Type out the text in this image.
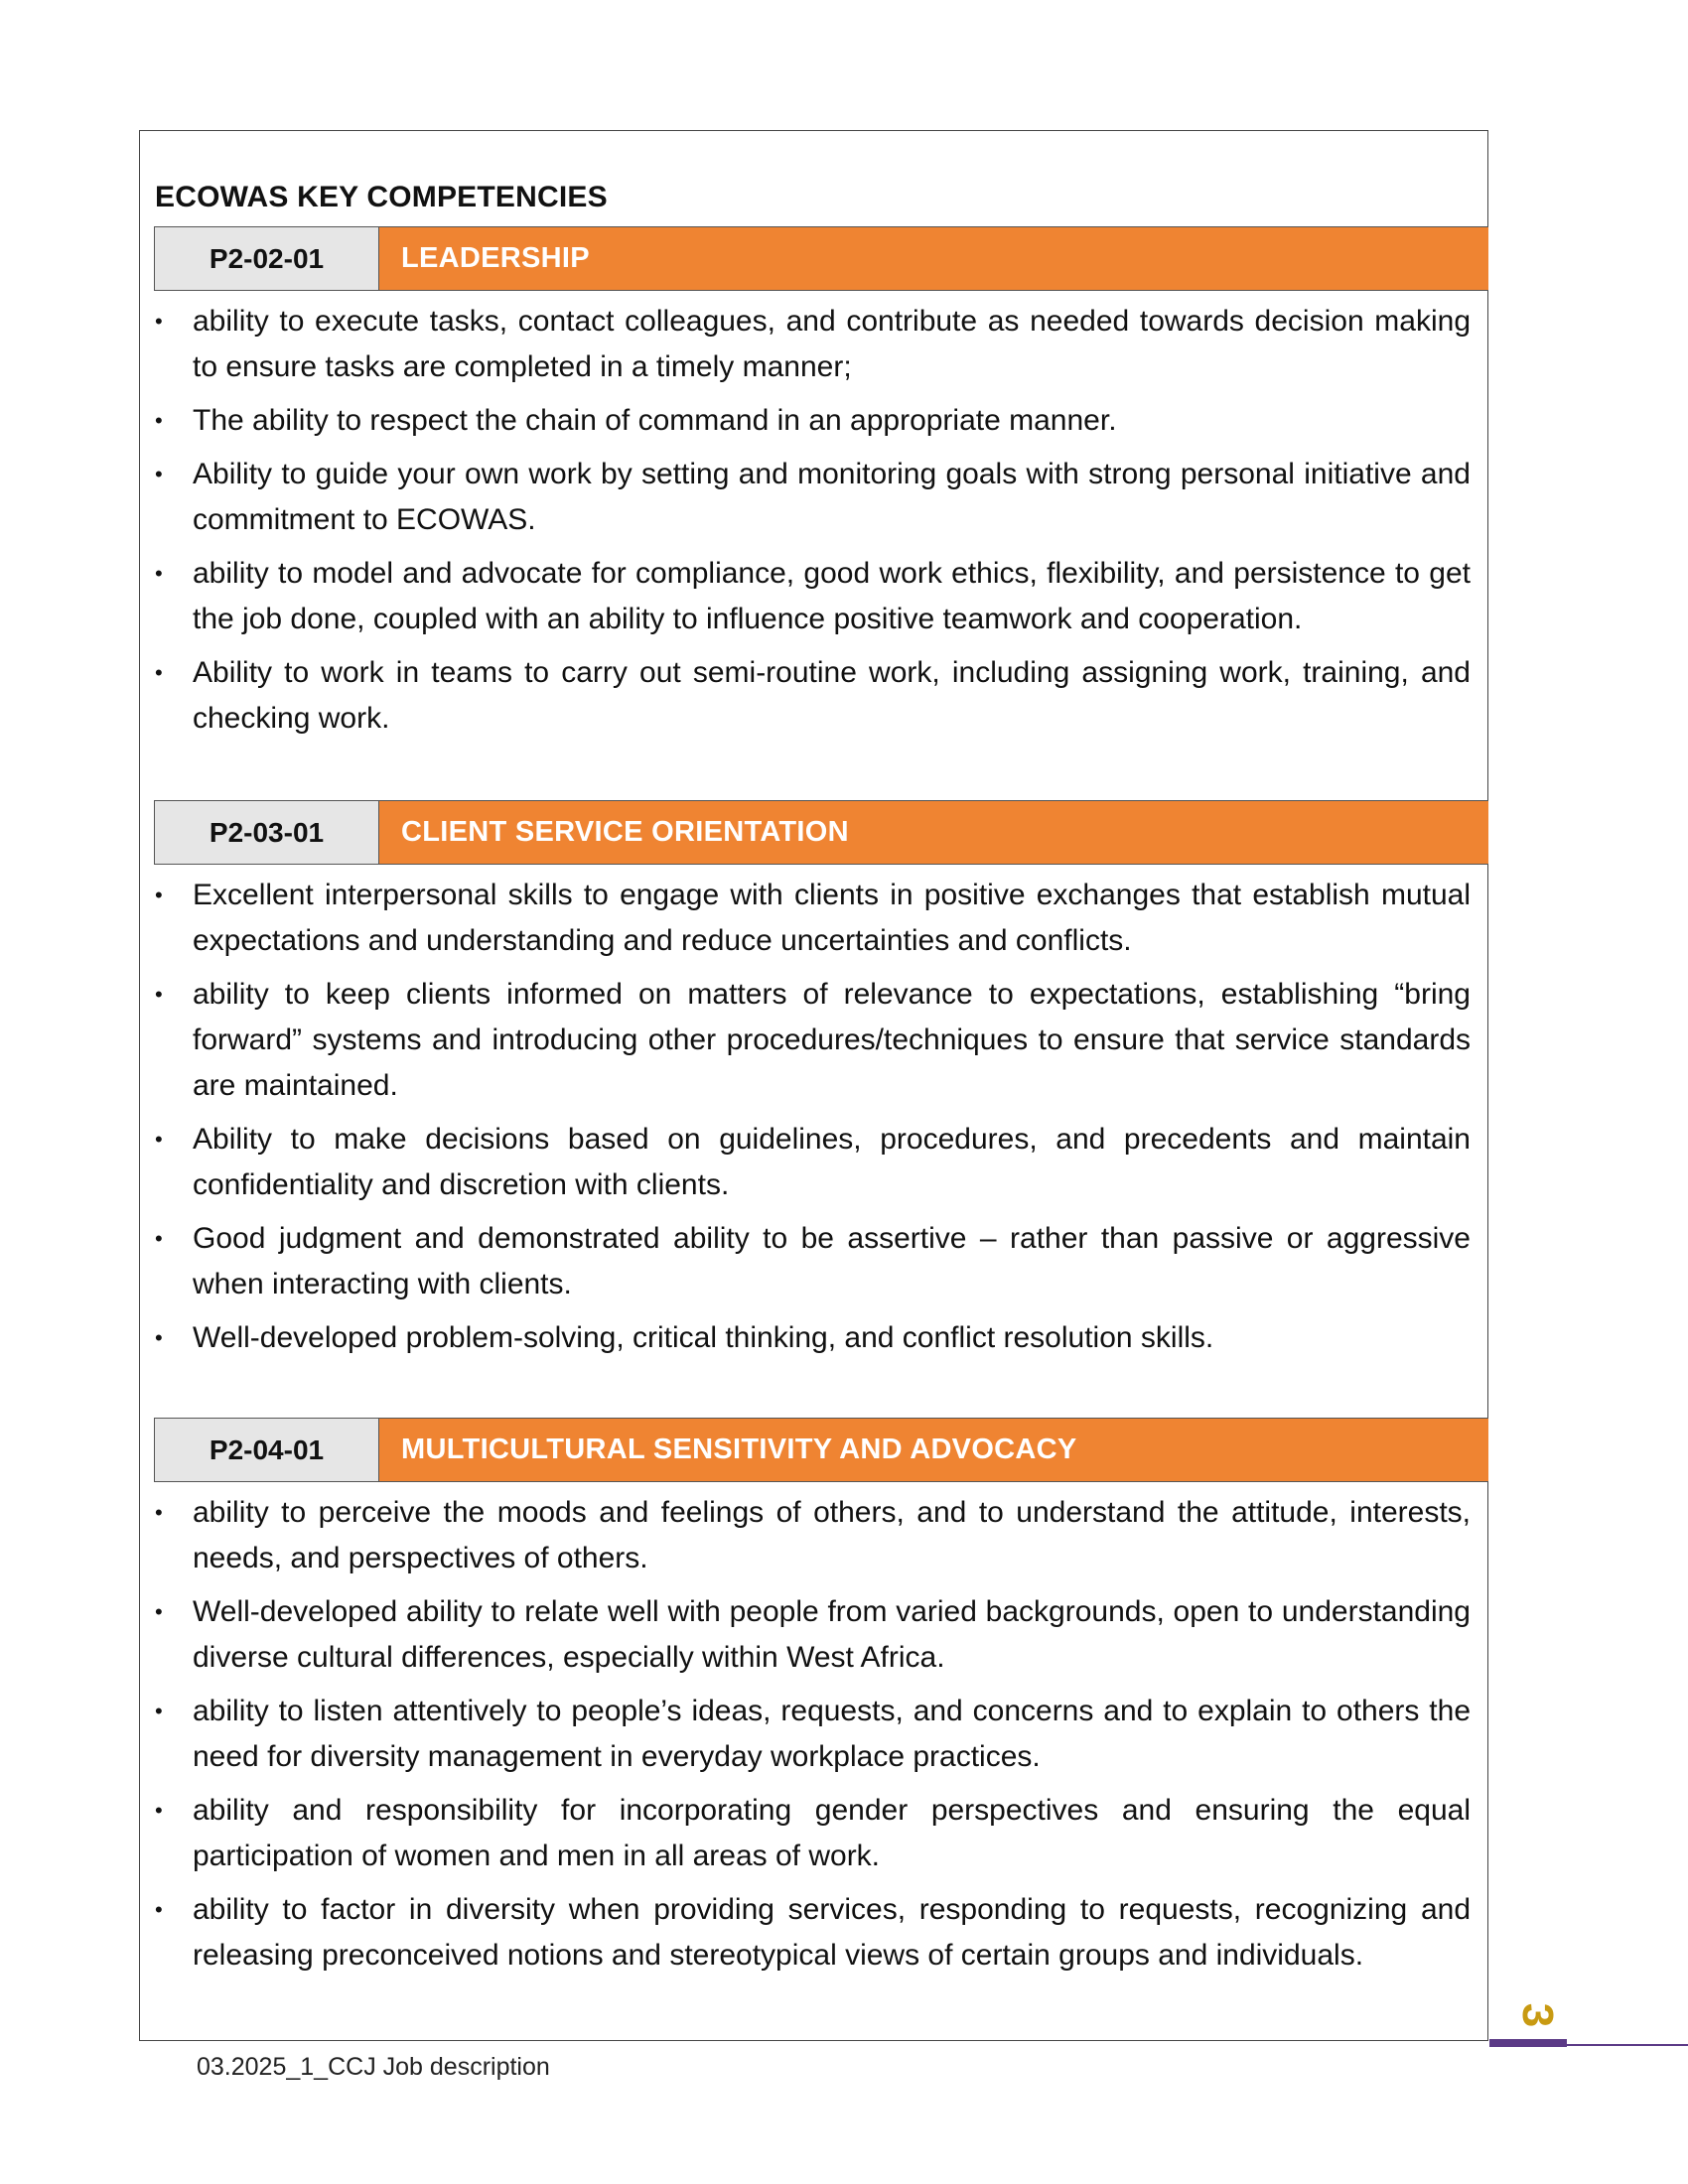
ECOWAS KEY COMPETENCIES
P2-02-01	LEADERSHIP
•	ability to execute tasks, contact colleagues, and contribute as needed towards decision making to ensure tasks are completed in a timely manner;
•	The ability to respect the chain of command in an appropriate manner.
•	Ability to guide your own work by setting and monitoring goals with strong personal initiative and commitment to ECOWAS.
•	ability to model and advocate for compliance, good work ethics, flexibility, and persistence to get the job done, coupled with an ability to influence positive teamwork and cooperation.
•	Ability to work in teams to carry out semi-routine work, including assigning work, training, and checking work.
P2-03-01	CLIENT SERVICE ORIENTATION
•	Excellent interpersonal skills to engage with clients in positive exchanges that establish mutual expectations and understanding and reduce uncertainties and conflicts.
•	ability to keep clients informed on matters of relevance to expectations, establishing “bring forward” systems and introducing other procedures/techniques to ensure that service standards are maintained.
•	Ability to make decisions based on guidelines, procedures, and precedents and maintain confidentiality and discretion with clients.
•	Good judgment and demonstrated ability to be assertive – rather than passive or aggressive when interacting with clients.
•	Well-developed problem-solving, critical thinking, and conflict resolution skills.
P2-04-01	MULTICULTURAL SENSITIVITY AND ADVOCACY
•	ability to perceive the moods and feelings of others, and to understand the attitude, interests, needs, and perspectives of others.
•	Well-developed ability to relate well with people from varied backgrounds, open to understanding diverse cultural differences, especially within West Africa.
•	ability to listen attentively to people’s ideas, requests, and concerns and to explain to others the need for diversity management in everyday workplace practices.
•	ability and responsibility for incorporating gender perspectives and ensuring the equal participation of women and men in all areas of work.
•	ability to factor in diversity when providing services, responding to requests, recognizing and releasing preconceived notions and stereotypical views of certain groups and individuals.
3
03.2025_1_CCJ Job description
